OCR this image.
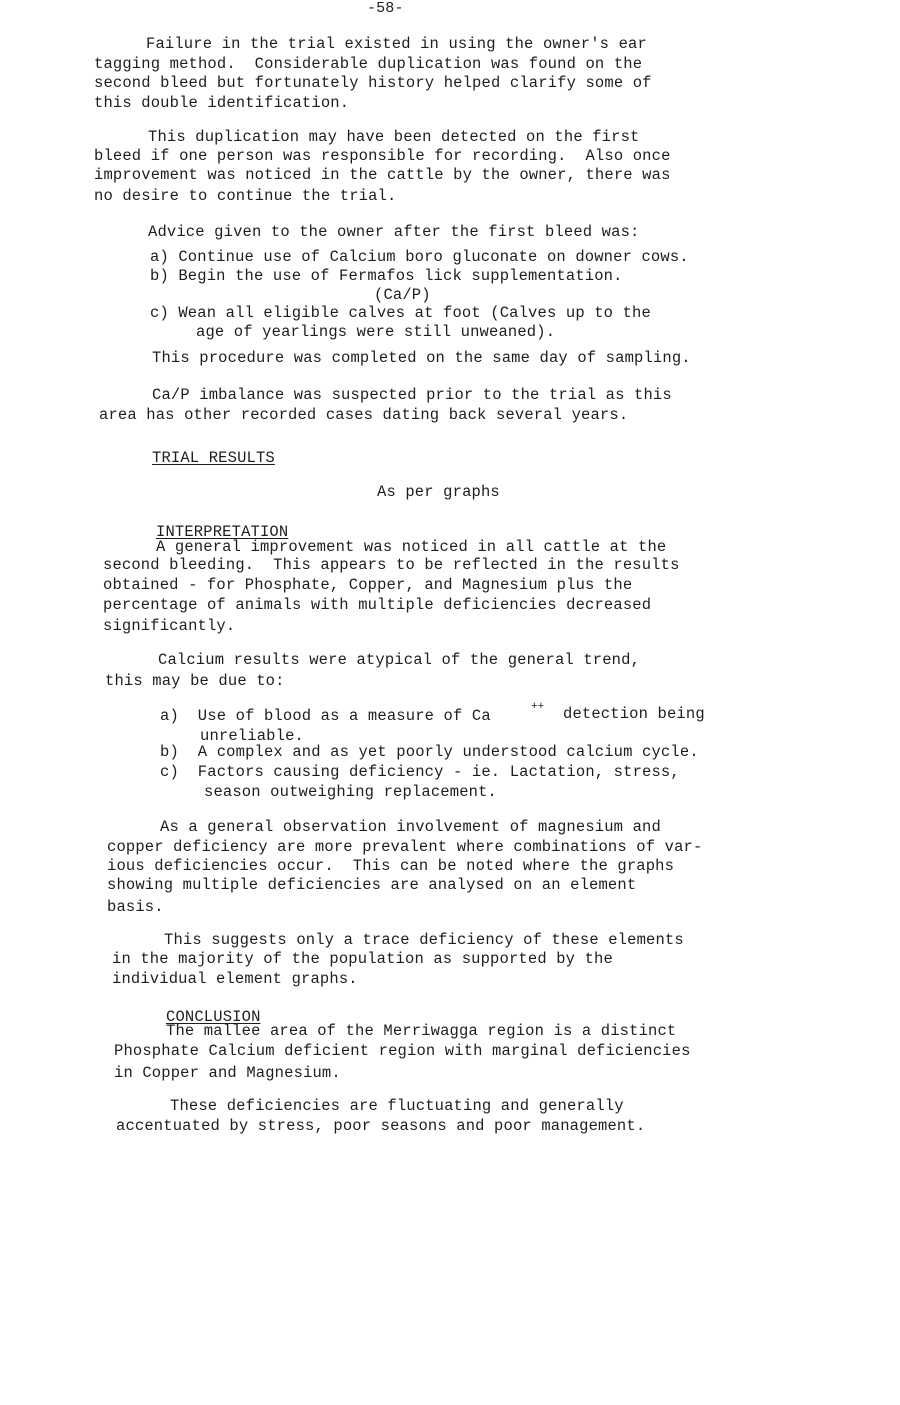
-58-
Failure in the trial existed in using the owner's ear
tagging method.  Considerable duplication was found on the
second bleed but fortunately history helped clarify some of
this double identification.
This duplication may have been detected on the first
bleed if one person was responsible for recording.  Also once
improvement was noticed in the cattle by the owner, there was
no desire to continue the trial.
Advice given to the owner after the first bleed was:
a) Continue use of Calcium boro gluconate on downer cows.
b) Begin the use of Fermafos lick supplementation.
(Ca/P)
c) Wean all eligible calves at foot (Calves up to the
age of yearlings were still unweaned).
This procedure was completed on the same day of sampling.
Ca/P imbalance was suspected prior to the trial as this
area has other recorded cases dating back several years.
TRIAL RESULTS
As per graphs
INTERPRETATION
A general improvement was noticed in all cattle at the
second bleeding.  This appears to be reflected in the results
obtained - for Phosphate, Copper, and Magnesium plus the
percentage of animals with multiple deficiencies decreased
significantly.
Calcium results were atypical of the general trend,
this may be due to:
a)  Use of blood as a measure of Ca	++ detection being
unreliable.
b)  A complex and as yet poorly understood calcium cycle.
c)  Factors causing deficiency - ie. Lactation, stress,
season outweighing replacement.
As a general observation involvement of magnesium and
copper deficiency are more prevalent where combinations of var-
ious deficiencies occur.  This can be noted where the graphs
showing multiple deficiencies are analysed on an element
basis.
This suggests only a trace deficiency of these elements
in the majority of the population as supported by the
individual element graphs.
CONCLUSION
The mallee area of the Merriwagga region is a distinct
Phosphate Calcium deficient region with marginal deficiencies
in Copper and Magnesium.
These deficiencies are fluctuating and generally
accentuated by stress, poor seasons and poor management.
